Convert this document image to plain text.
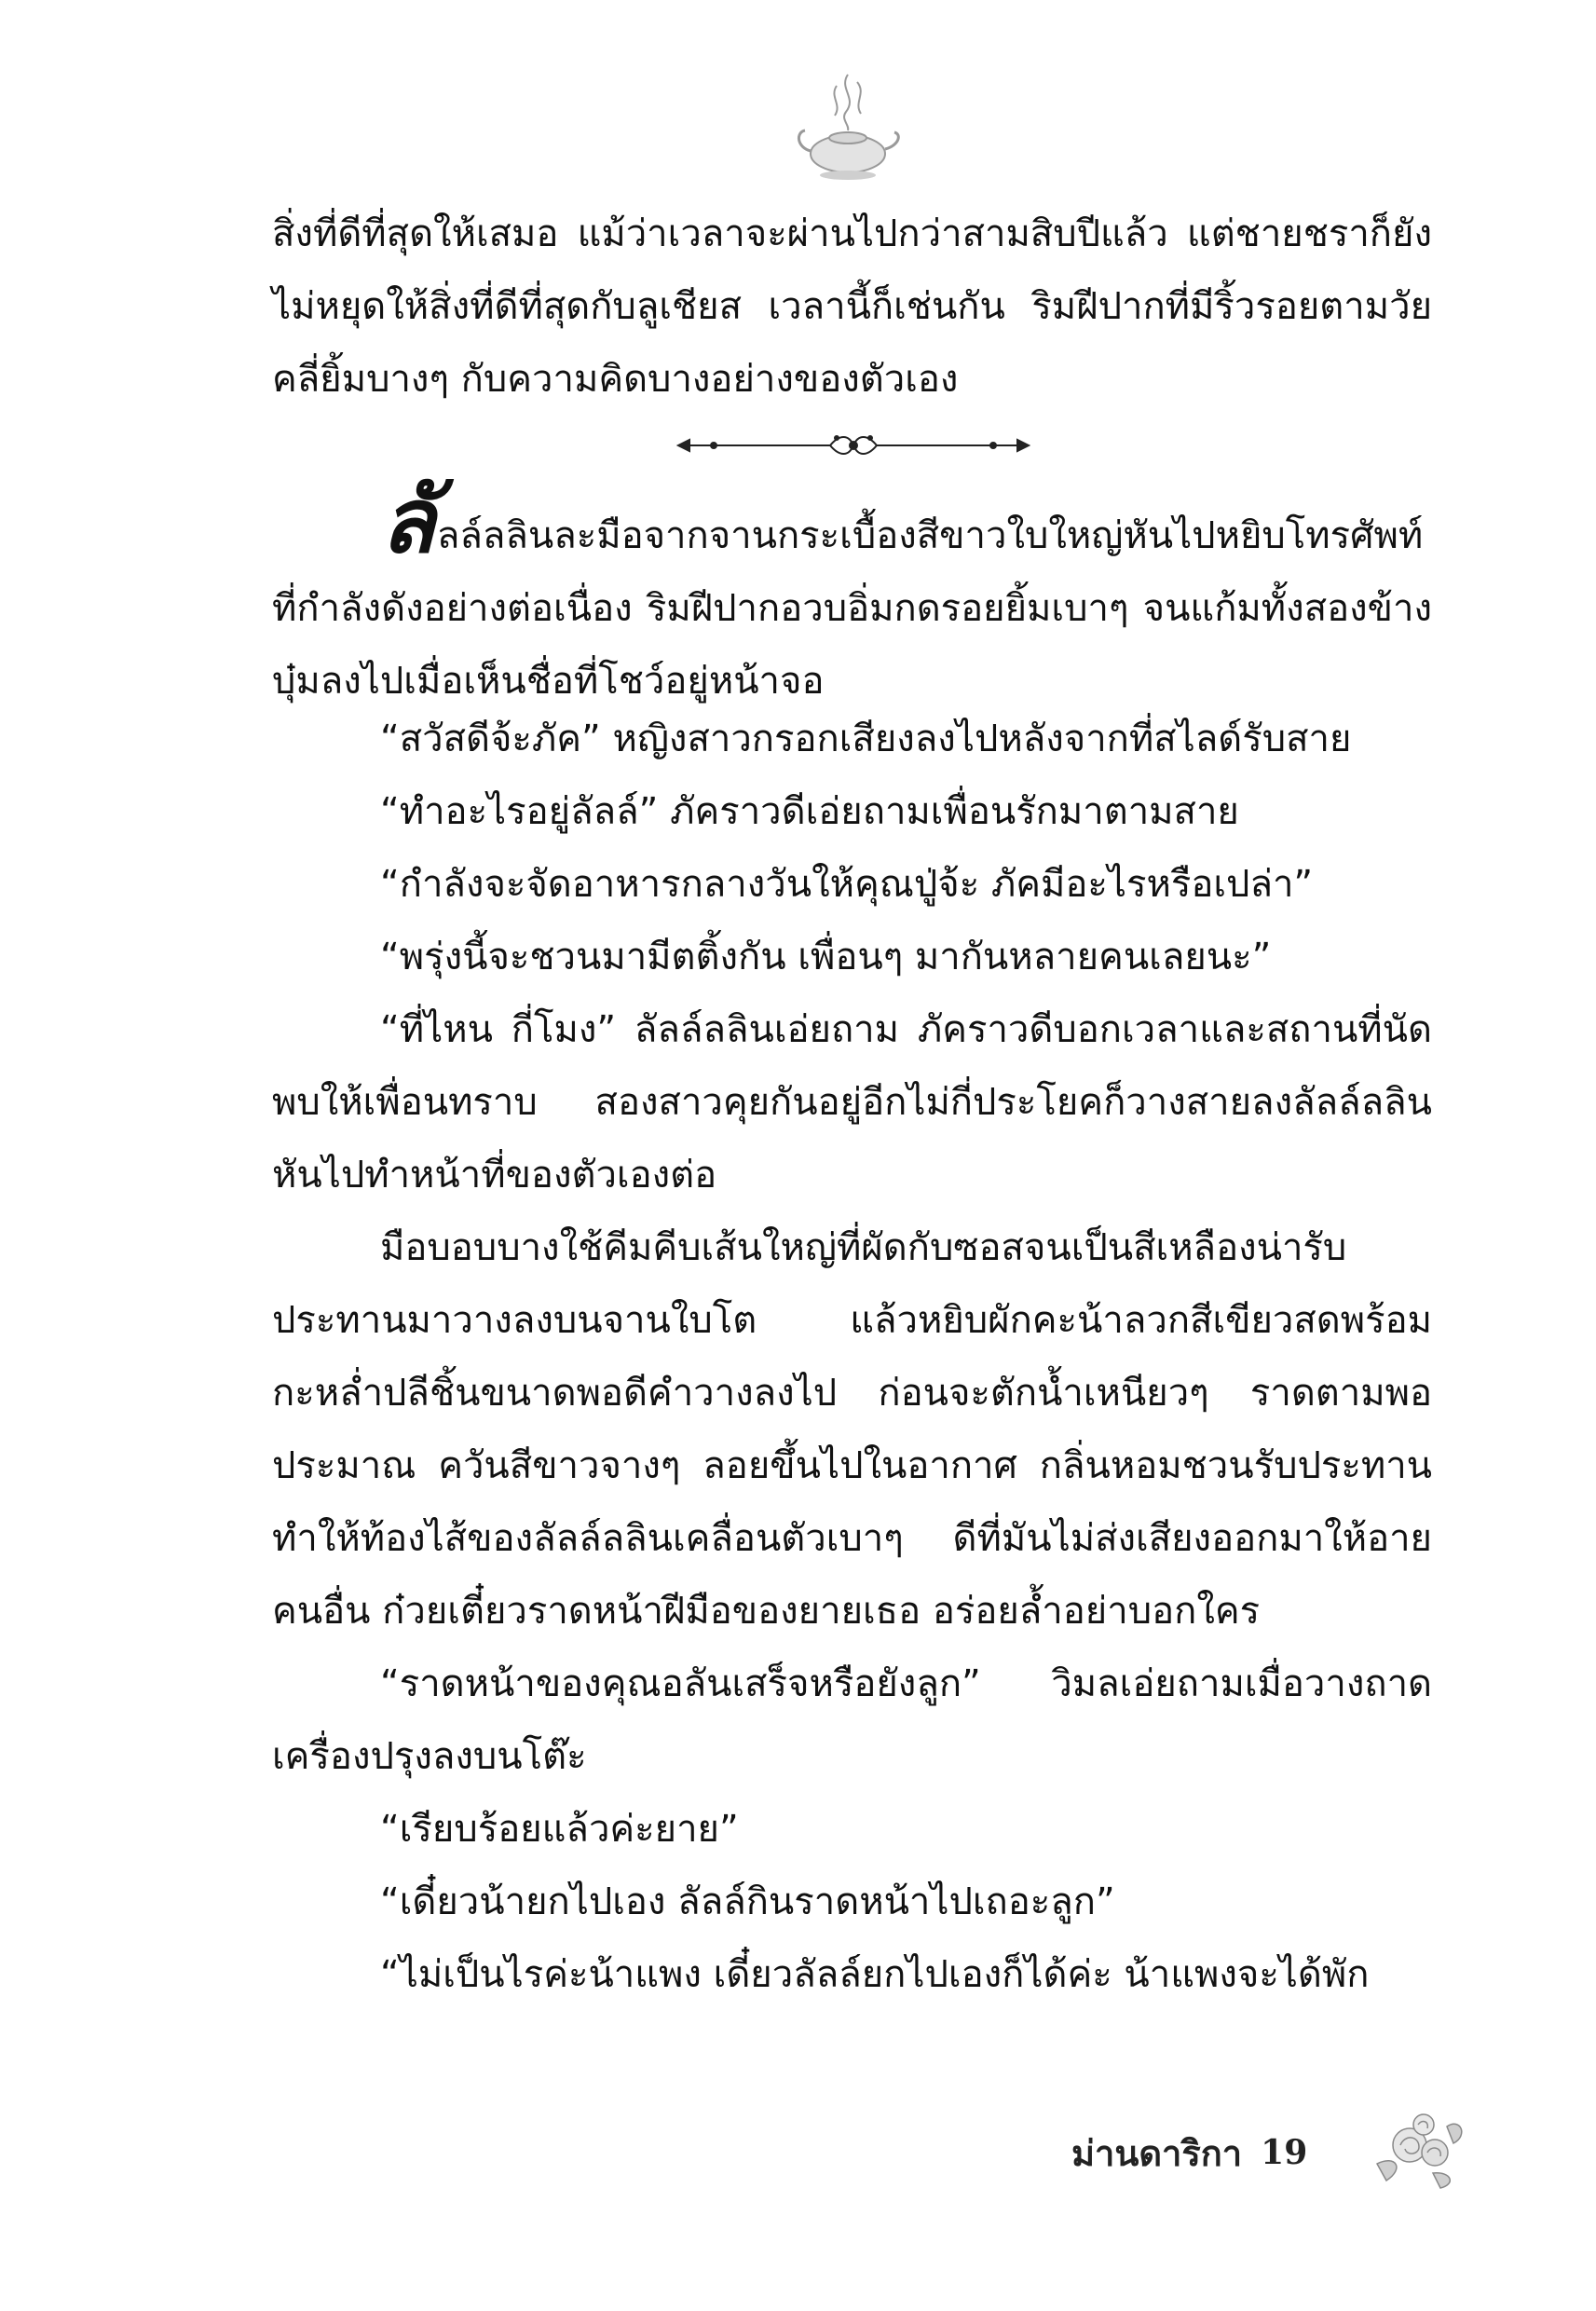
สิ่งที่ดีที่สุดให้เสมอ แม้ว่าเวลาจะผ่านไปกว่าสามสิบปีแล้ว แต่ชายชราก็ยังไม่หยุดให้สิ่งที่ดีที่สุดกับลูเชียส เวลานี้ก็เช่นกัน ริมฝีปากที่มีริ้วรอยตามวัยคลี่ยิ้มบางๆ กับความคิดบางอย่างของตัวเอง

ลัลล์ลลินละมือจากจานกระเบื้องสีขาวใบใหญ่หันไปหยิบโทรศัพท์ที่กำลังดังอย่างต่อเนื่อง ริมฝีปากอวบอิ่มกดรอยยิ้มเบาๆ จนแก้มทั้งสองข้างบุ๋มลงไปเมื่อเห็นชื่อที่โชว์อยู่หน้าจอ

“สวัสดีจ้ะภัค” หญิงสาวกรอกเสียงลงไปหลังจากที่สไลด์รับสาย

“ทำอะไรอยู่ลัลล์” ภัคราวดีเอ่ยถามเพื่อนรักมาตามสาย

“กำลังจะจัดอาหารกลางวันให้คุณปู่จ้ะ ภัคมีอะไรหรือเปล่า”

“พรุ่งนี้จะชวนมามีตติ้งกัน เพื่อนๆ มากันหลายคนเลยนะ”

“ที่ไหน กี่โมง” ลัลล์ลลินเอ่ยถาม ภัคราวดีบอกเวลาและสถานที่นัดพบให้เพื่อนทราบ สองสาวคุยกันอยู่อีกไม่กี่ประโยคก็วางสายลงลัลล์ลลินหันไปทำหน้าที่ของตัวเองต่อ

มือบอบบางใช้คีมคีบเส้นใหญ่ที่ผัดกับซอสจนเป็นสีเหลืองน่ารับประทานมาวางลงบนจานใบโต แล้วหยิบผักคะน้าลวกสีเขียวสดพร้อมกะหล่ำปลีชิ้นขนาดพอดีคำวางลงไป ก่อนจะตักน้ำเหนียวๆ ราดตามพอประมาณ ควันสีขาวจางๆ ลอยขึ้นไปในอากาศ กลิ่นหอมชวนรับประทาน ทำให้ท้องไส้ของลัลล์ลลินเคลื่อนตัวเบาๆ ดีที่มันไม่ส่งเสียงออกมาให้อายคนอื่น ก๋วยเตี๋ยวราดหน้าฝีมือของยายเธอ อร่อยล้ำอย่าบอกใคร

“ราดหน้าของคุณอลันเสร็จหรือยังลูก” วิมลเอ่ยถามเมื่อวางถาดเครื่องปรุงลงบนโต๊ะ

“เรียบร้อยแล้วค่ะยาย”

“เดี๋ยวน้ายกไปเอง ลัลล์กินราดหน้าไปเถอะลูก”

“ไม่เป็นไรค่ะน้าแพง เดี๋ยวลัลล์ยกไปเองก็ได้ค่ะ น้าแพงจะได้พัก

ม่านดาริกา 19
